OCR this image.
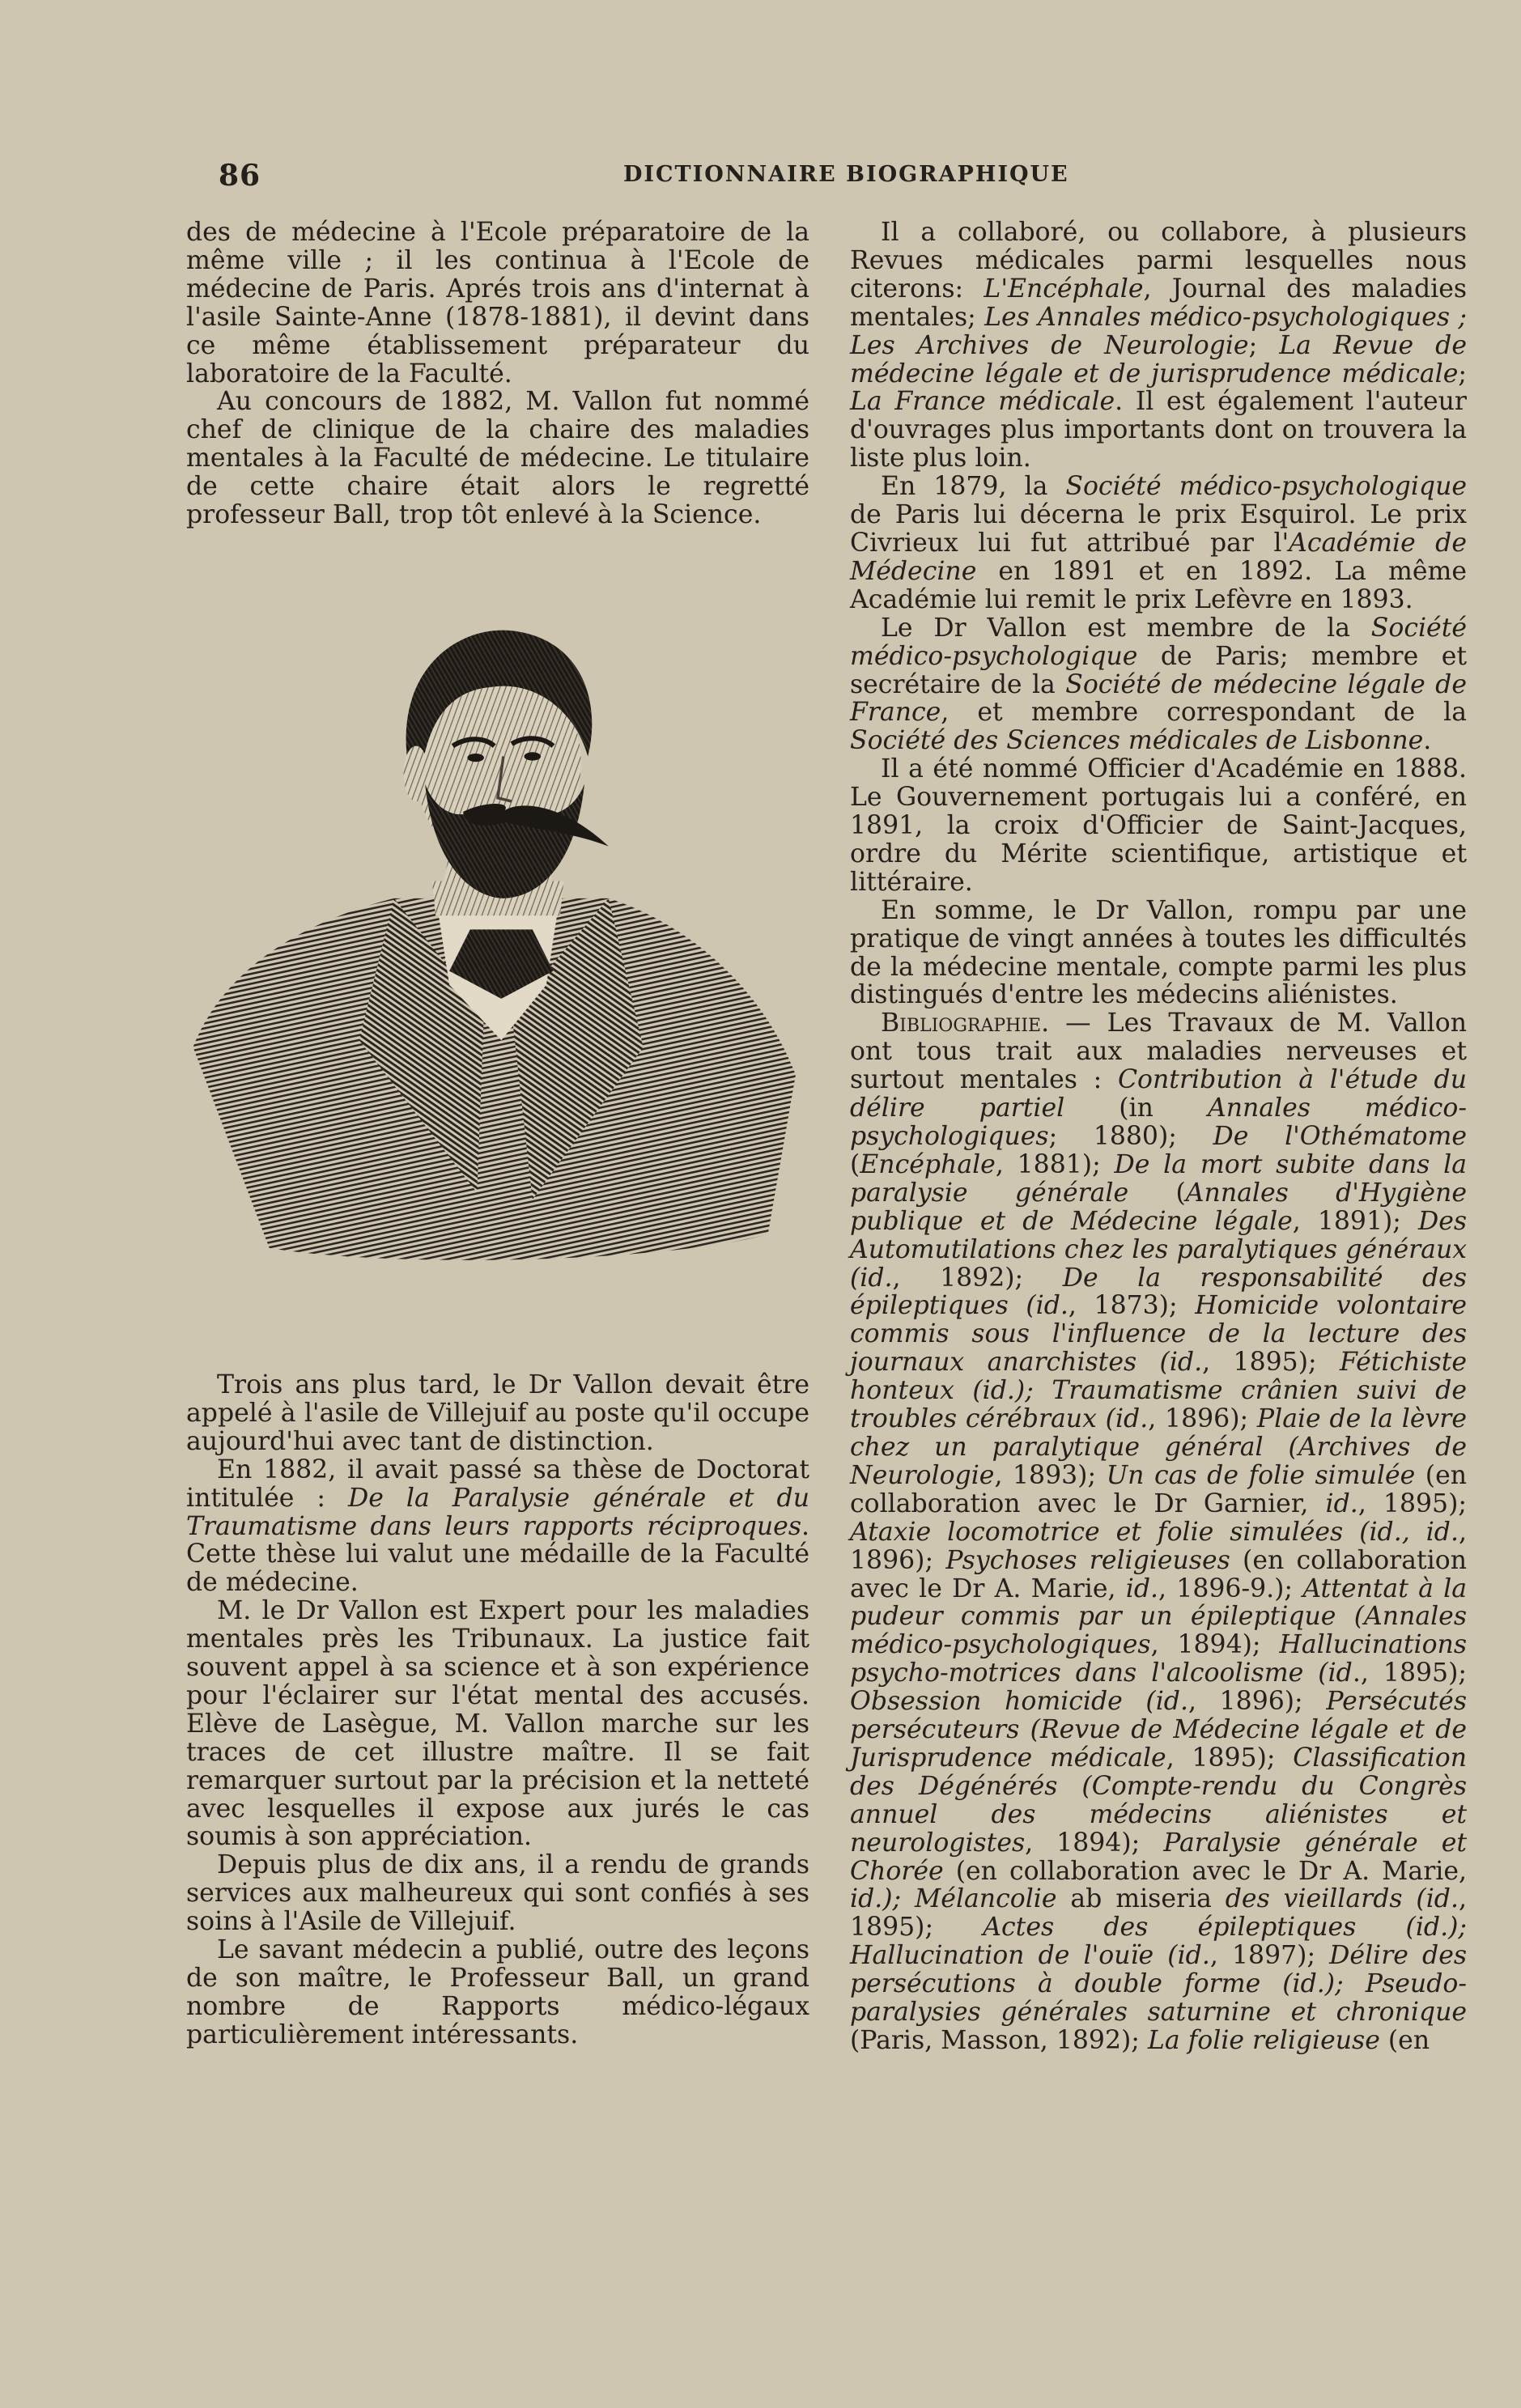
86	DICTIONNAIRE BIOGRAPHIQUE

des de médecine à l'Ecole préparatoire de la même ville ; il les continua à l'Ecole de médecine de Paris. Aprés trois ans d'internat à l'asile Sainte-Anne (1878-1881), il devint dans ce même établissement préparateur du laboratoire de la Faculté.

Au concours de 1882, M. Vallon fut nommé chef de clinique de la chaire des maladies mentales à la Faculté de médecine. Le titulaire de cette chaire était alors le regretté professeur Ball, trop tôt enlevé à la Science.

Trois ans plus tard, le Dr Vallon devait être appelé à l'asile de Villejuif au poste qu'il occupe aujourd'hui avec tant de distinction.

En 1882, il avait passé sa thèse de Doctorat intitulée : De la Paralysie générale et du Traumatisme dans leurs rapports réciproques. Cette thèse lui valut une médaille de la Faculté de médecine.

M. le Dr Vallon est Expert pour les maladies mentales près les Tribunaux. La justice fait souvent appel à sa science et à son expérience pour l'éclairer sur l'état mental des accusés. Elève de Lasègue, M. Vallon marche sur les traces de cet illustre maître. Il se fait remarquer surtout par la précision et la netteté avec lesquelles il expose aux jurés le cas soumis à son appréciation.

Depuis plus de dix ans, il a rendu de grands services aux malheureux qui sont confiés à ses soins à l'Asile de Villejuif.

Le savant médecin a publié, outre des leçons de son maître, le Professeur Ball, un grand nombre de Rapports médico-légaux particulièrement intéressants.

Il a collaboré, ou collabore, à plusieurs Revues médicales parmi lesquelles nous citerons: L'Encéphale, Journal des maladies mentales; Les Annales médico-psychologiques ; Les Archives de Neurologie; La Revue de médecine légale et de jurisprudence médicale; La France médicale. Il est également l'auteur d'ouvrages plus importants dont on trouvera la liste plus loin.

En 1879, la Société médico-psychologique de Paris lui décerna le prix Esquirol. Le prix Civrieux lui fut attribué par l'Académie de Médecine en 1891 et en 1892. La même Académie lui remit le prix Lefèvre en 1893.

Le Dr Vallon est membre de la Société médico-psychologique de Paris; membre et secrétaire de la Société de médecine légale de France, et membre correspondant de la Société des Sciences médicales de Lisbonne.

Il a été nommé Officier d'Académie en 1888. Le Gouvernement portugais lui a conféré, en 1891, la croix d'Officier de Saint-Jacques, ordre du Mérite scientifique, artistique et littéraire.

En somme, le Dr Vallon, rompu par une pratique de vingt années à toutes les difficultés de la médecine mentale, compte parmi les plus distingués d'entre les médecins aliénistes.

Bibliographie. — Les Travaux de M. Vallon ont tous trait aux maladies nerveuses et surtout mentales : Contribution à l'étude du délire partiel (in Annales médico-psychologiques; 1880); De l'Othématome (Encéphale, 1881); De la mort subite dans la paralysie générale (Annales d'Hygiène publique et de Médecine légale, 1891); Des Automutilations chez les paralytiques généraux (id., 1892); De la responsabilité des épileptiques (id., 1873); Homicide volontaire commis sous l'influence de la lecture des journaux anarchistes (id., 1895); Fétichiste honteux (id.); Traumatisme crânien suivi de troubles cérébraux (id., 1896); Plaie de la lèvre chez un paralytique général (Archives de Neurologie, 1893); Un cas de folie simulée (en collaboration avec le Dr Garnier, id., 1895); Ataxie locomotrice et folie simulées (id., id., 1896); Psychoses religieuses (en collaboration avec le Dr A. Marie, id., 1896-9.); Attentat à la pudeur commis par un épileptique (Annales médico-psychologiques, 1894); Hallucinations psycho-motrices dans l'alcoolisme (id., 1895); Obsession homicide (id., 1896); Persécutés persécuteurs (Revue de Médecine légale et de Jurisprudence médicale, 1895); Classification des Dégénérés (Compte-rendu du Congrès annuel des médecins aliénistes et neurologistes, 1894); Paralysie générale et Chorée (en collaboration avec le Dr A. Marie, id.); Mélancolie ab miseria des vieillards (id., 1895); Actes des épileptiques (id.); Hallucination de l'ouïe (id., 1897); Délire des persécutions à double forme (id.); Pseudo-paralysies générales saturnine et chronique (Paris, Masson, 1892); La folie religieuse (en
